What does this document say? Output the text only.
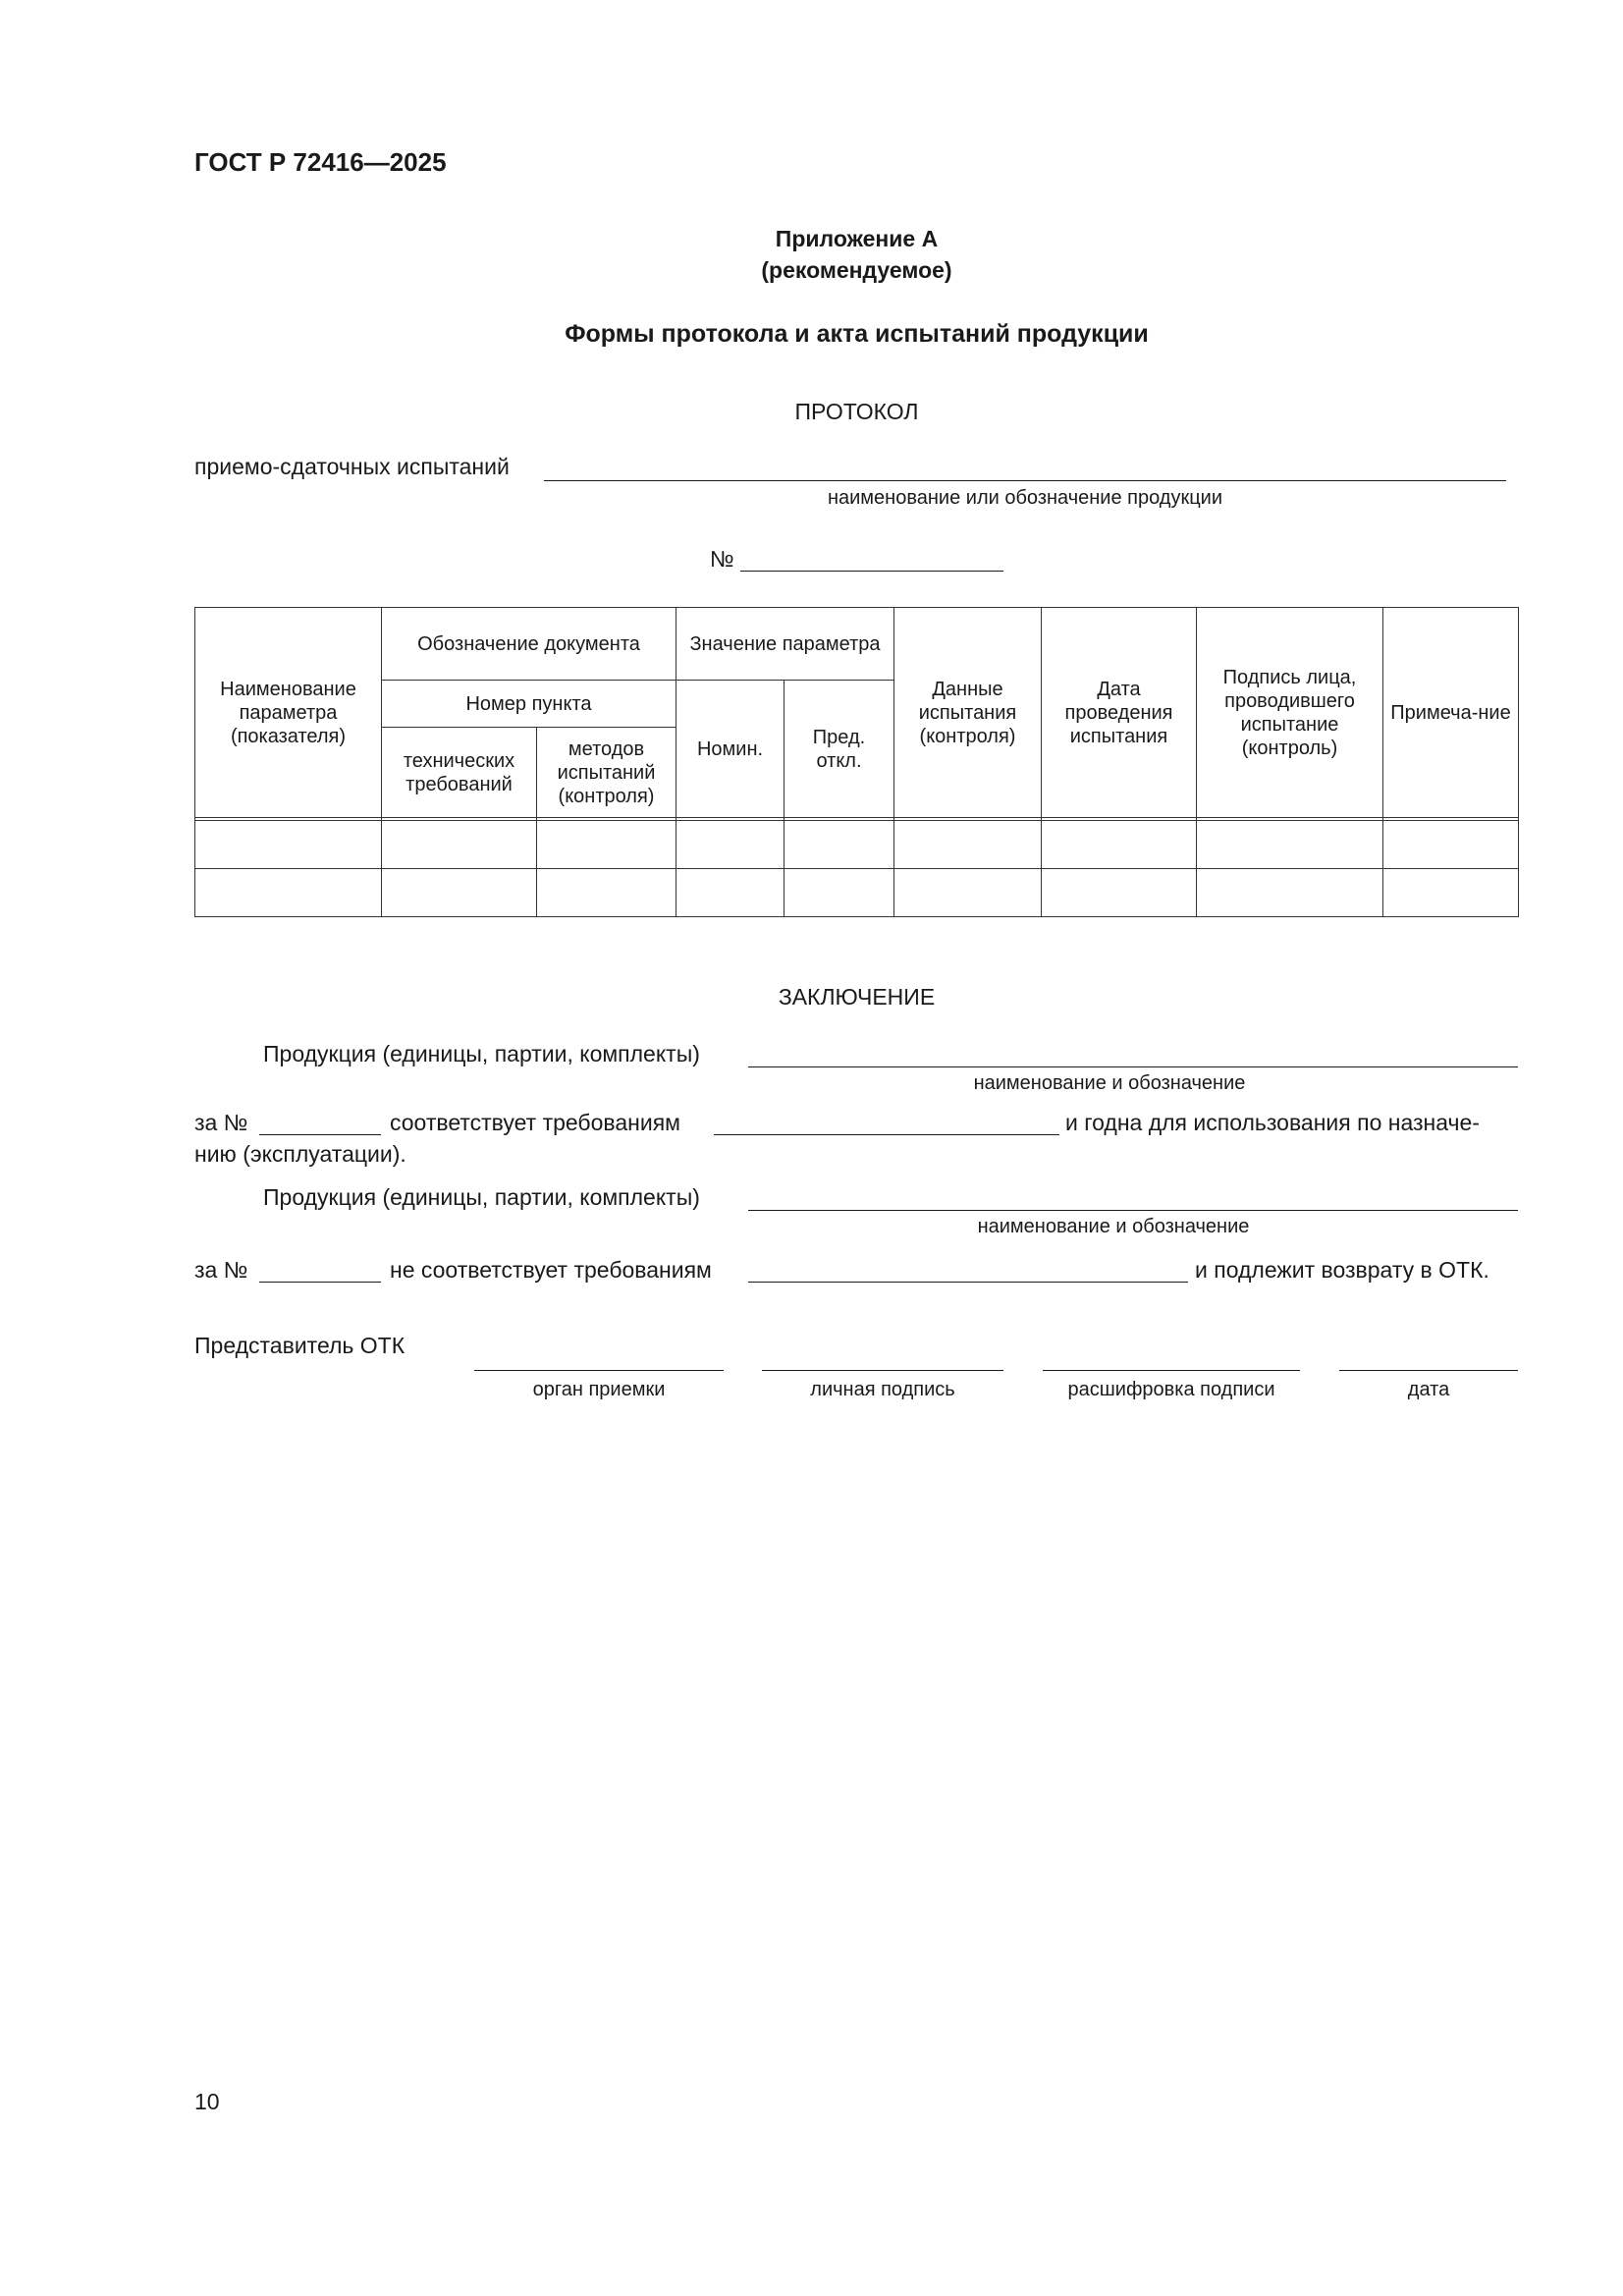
ГОСТ Р 72416—2025
Приложение А
(рекомендуемое)
Формы протокола и акта испытаний продукции
ПРОТОКОЛ
приемо-сдаточных испытаний
наименование или обозначение продукции
№
Наименование параметра (показателя)	Обозначение документа		Значение параметра		Данные испытания (контроля)	Дата проведения испытания	Подпись лица, проводившего испытание (контроль)	Примеча-ние
	Номер пункта		Номин.	Пред. откл.				
	технических требований	методов испытаний (контроля)						

ЗАКЛЮЧЕНИЕ
Продукция (единицы, партии, комплекты)
наименование и обозначение
за №	соответствует требованиям	и годна для использования по назначе-
нию (эксплуатации).
Продукция (единицы, партии, комплекты)
наименование и обозначение
за №	не соответствует требованиям	и подлежит возврату в ОТК.
Представитель ОТК
орган приемки	личная подпись	расшифровка подписи	дата
10
